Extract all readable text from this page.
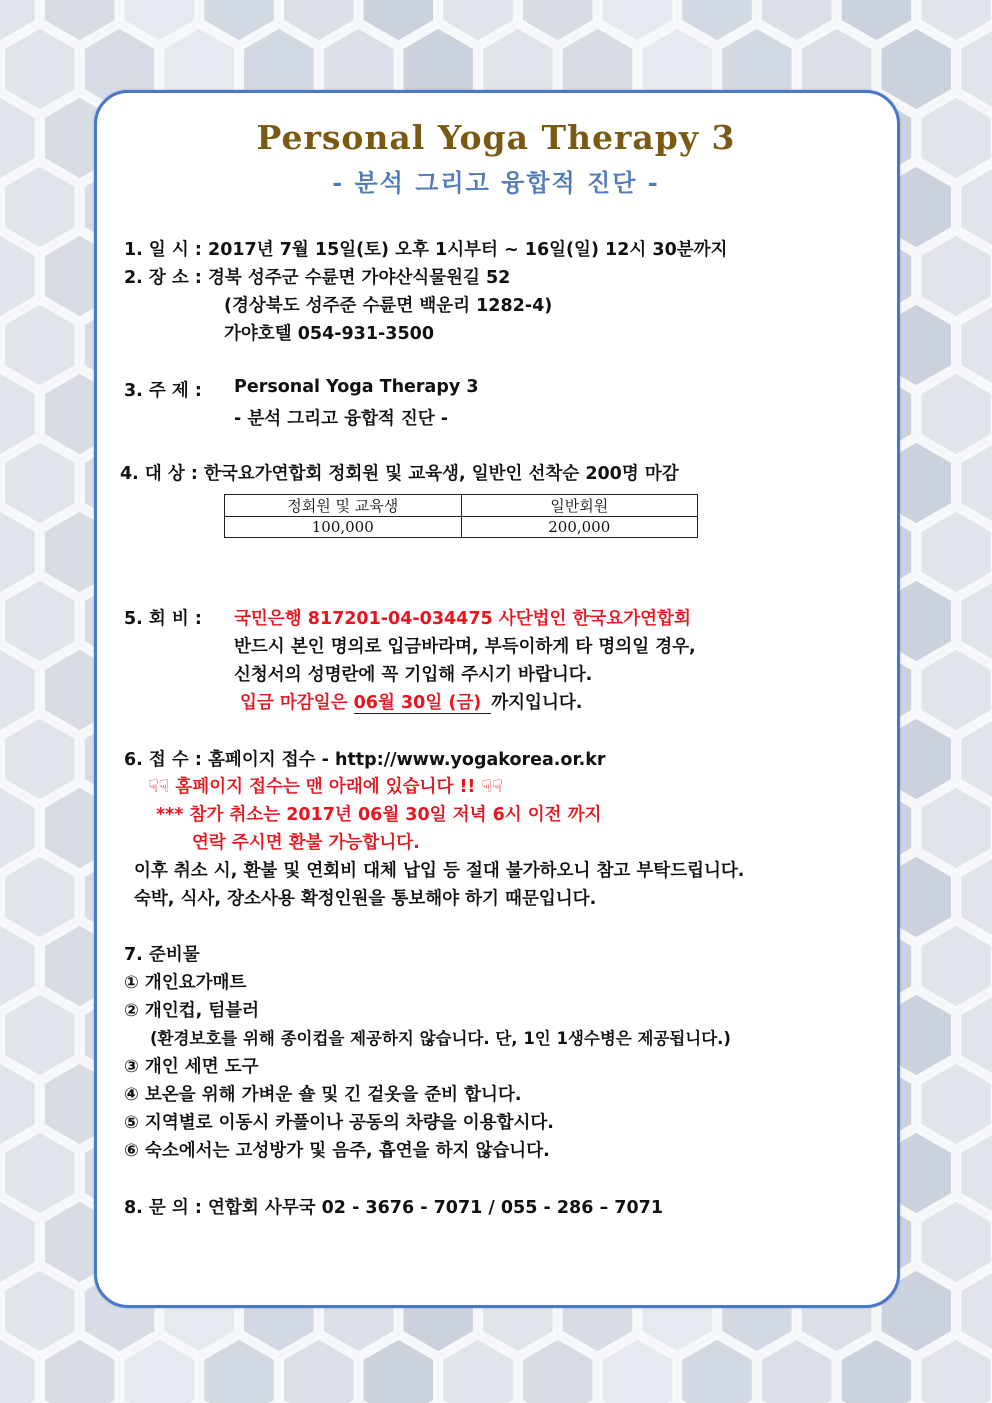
Personal Yoga Therapy 3
- 분석 그리고 융합적 진단 -
1. 일 시 : 2017년 7월 15일(토) 오후 1시부터 ~ 16일(일) 12시 30분까지
2. 장 소 : 경북 성주군 수륜면 가야산식물원길 52
(경상북도 성주준 수륜면 백운리 1282-4)
가야호텔 054-931-3500
3. 주 제 : Personal Yoga Therapy 3
- 분석 그리고 융합적 진단 -
4. 대 상 : 한국요가연합회 정회원 및 교육생, 일반인 선착순 200명 마감
정회원 및 교육생	일반회원
100,000	200,000
5. 회 비 : 국민은행 817201-04-034475 사단법인 한국요가연합회
반드시 본인 명의로 입금바라며, 부득이하게 타 명의일 경우,
신청서의 성명란에 꼭 기입해 주시기 바랍니다.
입금 마감일은 06월 30일 (금) 까지입니다.
6. 접 수 : 홈페이지 접수 - http://www.yogakorea.or.kr
☟☟ 홈페이지 접수는 맨 아래에 있습니다 !! ☟☟
*** 참가 취소는 2017년 06월 30일 저녁 6시 이전 까지
연락 주시면 환불 가능합니다.
이후 취소 시, 환불 및 연회비 대체 납입 등 절대 불가하오니 참고 부탁드립니다.
숙박, 식사, 장소사용 확정인원을 통보해야 하기 때문입니다.
7. 준비물
① 개인요가매트
② 개인컵, 텀블러
(환경보호를 위해 종이컵을 제공하지 않습니다. 단, 1인 1생수병은 제공됩니다.)
③ 개인 세면 도구
④ 보온을 위해 가벼운 숄 및 긴 겉옷을 준비 합니다.
⑤ 지역별로 이동시 카풀이나 공동의 차량을 이용합시다.
⑥ 숙소에서는 고성방가 및 음주, 흡연을 하지 않습니다.
8. 문 의 : 연합회 사무국 02 - 3676 - 7071 / 055 - 286 – 7071
